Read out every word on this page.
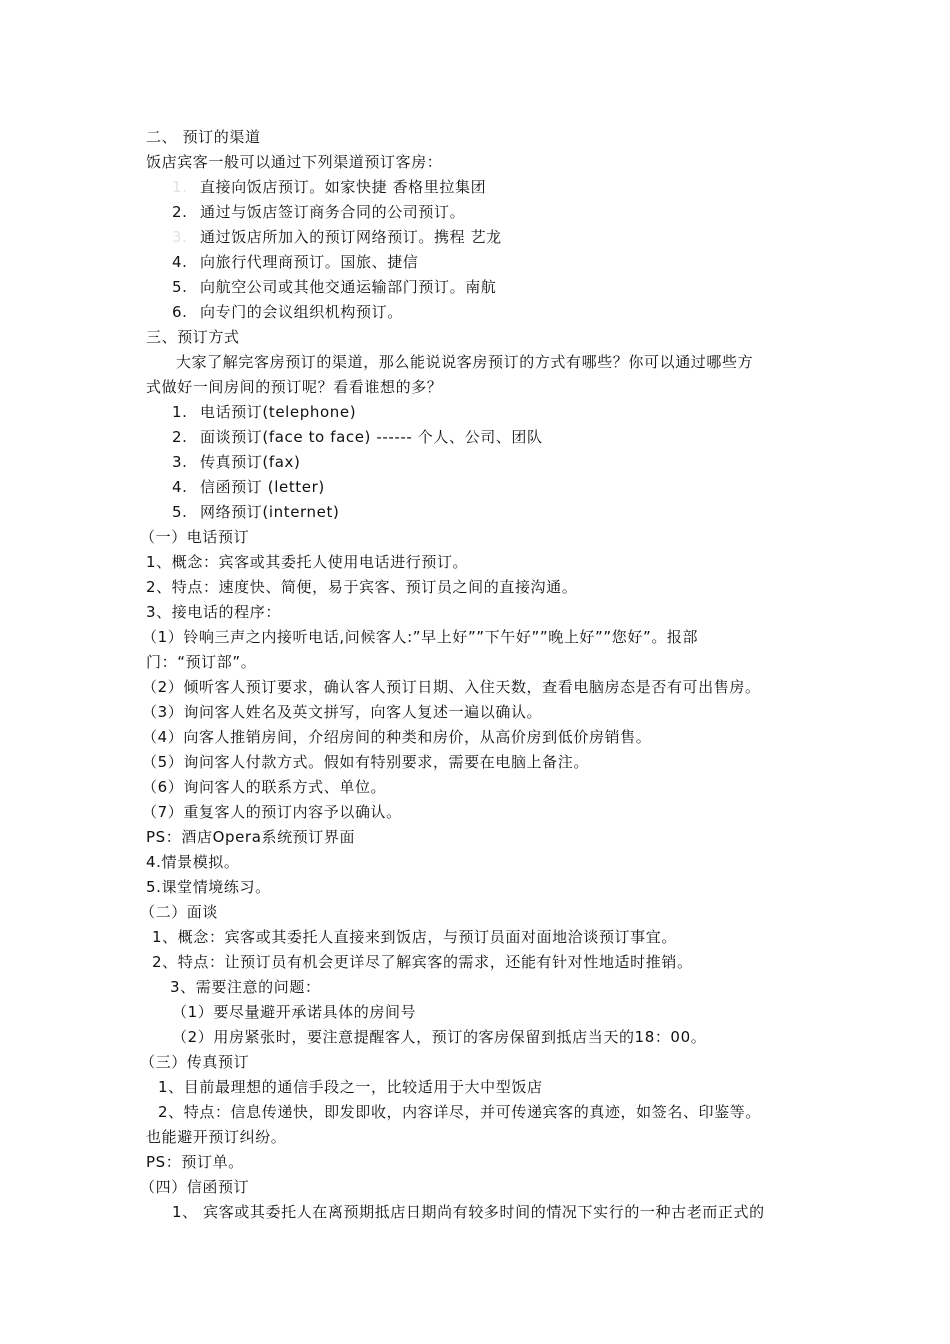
二、 预订的渠道
饭店宾客一般可以通过下列渠道预订客房：
1. 直接向饭店预订。如家快捷 香格里拉集团
2. 通过与饭店签订商务合同的公司预订。
3. 通过饭店所加入的预订网络预订。携程 艺龙
4. 向旅行代理商预订。国旅、捷信
5. 向航空公司或其他交通运输部门预订。南航
6. 向专门的会议组织机构预订。
三、预订方式
大家了解完客房预订的渠道，那么能说说客房预订的方式有哪些？你可以通过哪些方
式做好一间房间的预订呢？看看谁想的多？
1. 电话预订(telephone)
2. 面谈预订(face to face) ------ 个人、公司、团队
3. 传真预订(fax)
4. 信函预订 (letter)
5. 网络预订(internet)
（一）电话预订
1、概念：宾客或其委托人使用电话进行预订。
2、特点：速度快、简便，易于宾客、预订员之间的直接沟通。
3、接电话的程序：
（1）铃响三声之内接听电话,问候客人:”早上好””下午好””晚上好””您好”。报部
门：“预订部”。
（2）倾听客人预订要求，确认客人预订日期、入住天数，查看电脑房态是否有可出售房。
（3）询问客人姓名及英文拼写，向客人复述一遍以确认。
（4）向客人推销房间，介绍房间的种类和房价，从高价房到低价房销售。
（5）询问客人付款方式。假如有特别要求，需要在电脑上备注。
（6）询问客人的联系方式、单位。
（7）重复客人的预订内容予以确认。
PS：酒店Opera系统预订界面
4.情景模拟。
5.课堂情境练习。
（二）面谈
1、概念：宾客或其委托人直接来到饭店，与预订员面对面地洽谈预订事宜。
2、特点：让预订员有机会更详尽了解宾客的需求，还能有针对性地适时推销。
3、需要注意的问题：
（1）要尽量避开承诺具体的房间号
（2）用房紧张时，要注意提醒客人，预订的客房保留到抵店当天的18：00。
（三）传真预订
1、目前最理想的通信手段之一，比较适用于大中型饭店
2、特点：信息传递快，即发即收，内容详尽，并可传递宾客的真迹，如签名、印鉴等。
也能避开预订纠纷。
PS：预订单。
（四）信函预订
1、 宾客或其委托人在离预期抵店日期尚有较多时间的情况下实行的一种古老而正式的
